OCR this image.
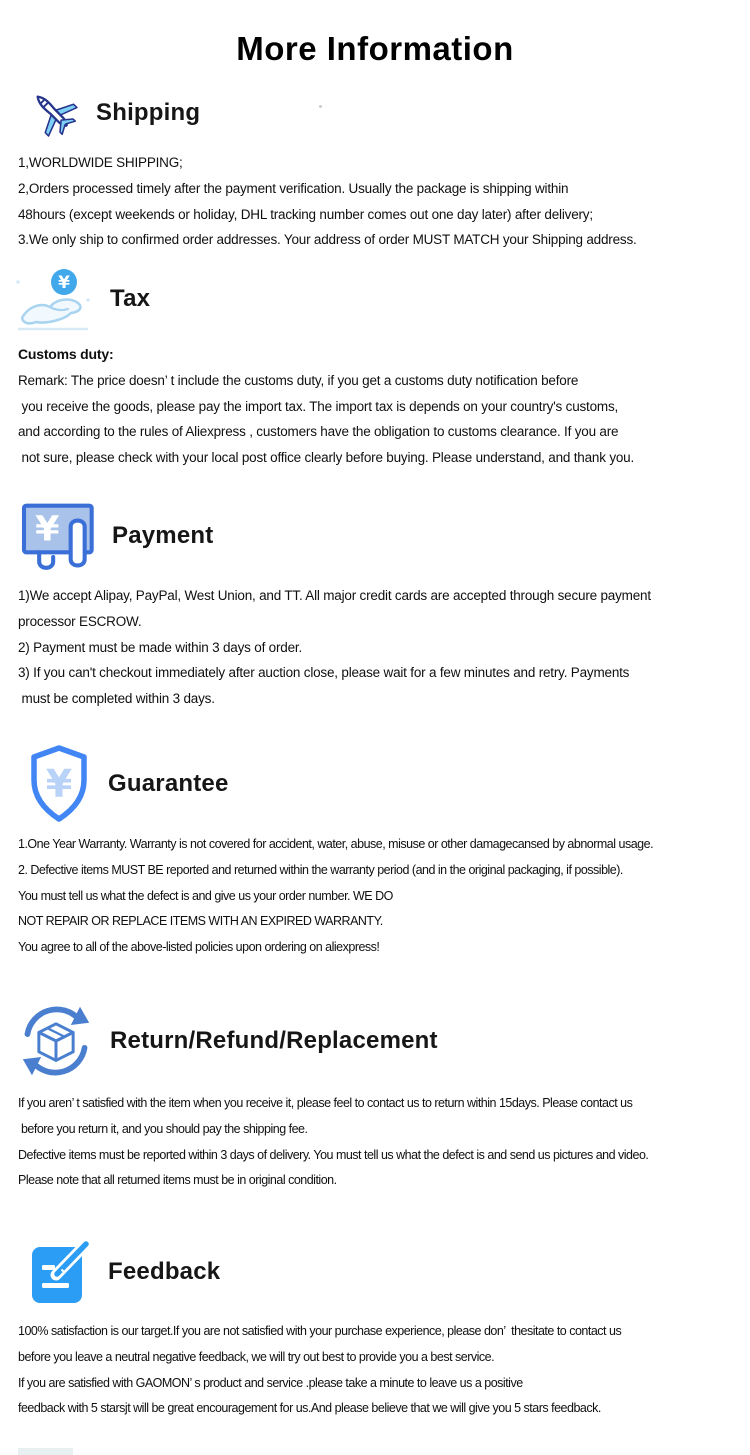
More Information
Shipping

1,WORLDWIDE SHIPPING;

2,Orders processed timely after the payment verification. Usually the package is shipping within

48hours (except weekends or holiday, DHL tracking number comes out one day later) after delivery;

3.We only ship to confirmed order addresses. Your address of order MUST MATCH your Shipping address.

¥
Tax

Customs duty:

Remark: The price doesn’ t include the customs duty, if you get a customs duty notification before

you receive the goods, please pay the import tax. The import tax is depends on your country's customs,

and according to the rules of Aliexpress , customers have the obligation to customs clearance. If you are

not sure, please check with your local post office clearly before buying. Please understand, and thank you.

¥ Payment

1)We accept Alipay, PayPal, West Union, and TT. All major credit cards are accepted through secure payment

processor ESCROW.

2) Payment must be made within 3 days of order.

3) If you can't checkout immediately after auction close, please wait for a few minutes and retry. Payments

must be completed within 3 days.

¥ Guarantee

1.One Year Warranty. Warranty is not covered for accident, water, abuse, misuse or other damagecansed by abnormal usage.

2. Defective items MUST BE reported and returned within the warranty period (and in the original packaging, if possible).

You must tell us what the defect is and give us your order number. WE DO

NOT REPAIR OR REPLACE ITEMS WITH AN EXPIRED WARRANTY.

You agree to all of the above-listed policies upon ordering on aliexpress!

Return/Refund/Replacement

If you aren’ t satisfied with the item when you receive it, please feel to contact us to return within 15days. Please contact us

before you return it, and you should pay the shipping fee.

Defective items must be reported within 3 days of delivery. You must tell us what the defect is and send us pictures and video.

Please note that all returned items must be in original condition.

Feedback

100% satisfaction is our target.If you are not satisfied with your purchase experience, please don’  thesitate to contact us

before you leave a neutral negative feedback, we will try out best to provide you a best service.

If you are satisfied with GAOMON’ s product and service .please take a minute to leave us a positive

feedback with 5 starsjt will be great encouragement for us.And please believe that we will give you 5 stars feedback.
